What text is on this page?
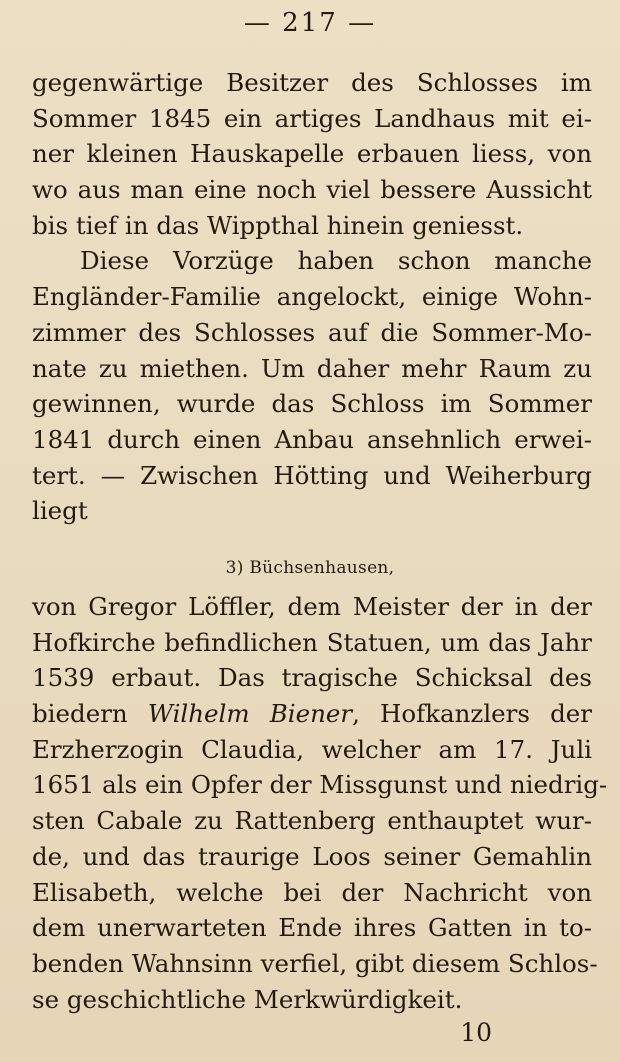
— 217 —
gegenwärtige Besitzer des Schlosses im
Sommer 1845 ein artiges Landhaus mit ei-
ner kleinen Hauskapelle erbauen liess, von
wo aus man eine noch viel bessere Aussicht
bis tief in das Wippthal hinein geniesst.
Diese Vorzüge haben schon manche
Engländer-Familie angelockt, einige Wohn-
zimmer des Schlosses auf die Sommer-Mo-
nate zu miethen. Um daher mehr Raum zu
gewinnen, wurde das Schloss im Sommer
1841 durch einen Anbau ansehnlich erwei-
tert. — Zwischen Hötting und Weiherburg
liegt
3) Büchsenhausen,
von Gregor Löffler, dem Meister der in der
Hofkirche befindlichen Statuen, um das Jahr
1539 erbaut. Das tragische Schicksal des
biedern Wilhelm Biener, Hofkanzlers der
Erzherzogin Claudia, welcher am 17. Juli
1651 als ein Opfer der Missgunst und niedrig-
sten Cabale zu Rattenberg enthauptet wur-
de, und das traurige Loos seiner Gemahlin
Elisabeth, welche bei der Nachricht von
dem unerwarteten Ende ihres Gatten in to-
benden Wahnsinn verfiel, gibt diesem Schlos-
se geschichtliche Merkwürdigkeit.
10
